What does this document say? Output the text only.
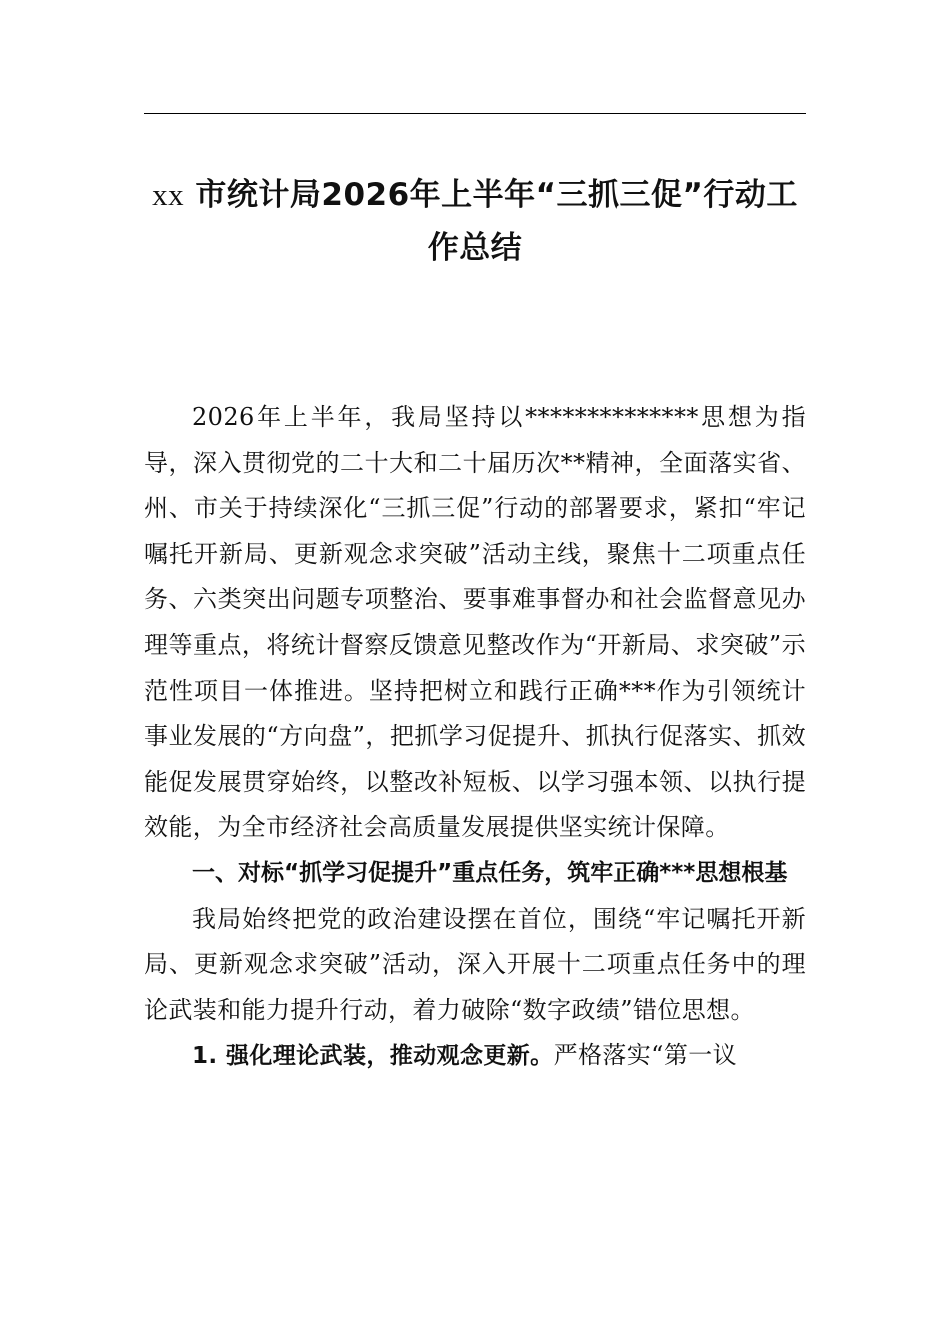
xx 市统计局2026年上半年“三抓三促”行动工作总结

2026年上半年，我局坚持以**************思想为指导，深入贯彻党的二十大和二十届历次**精神，全面落实省、州、市关于持续深化“三抓三促”行动的部署要求，紧扣“牢记嘱托开新局、更新观念求突破”活动主线，聚焦十二项重点任务、六类突出问题专项整治、要事难事督办和社会监督意见办理等重点，将统计督察反馈意见整改作为“开新局、求突破”示范性项目一体推进。坚持把树立和践行正确***作为引领统计事业发展的“方向盘”，把抓学习促提升、抓执行促落实、抓效能促发展贯穿始终，以整改补短板、以学习强本领、以执行提效能，为全市经济社会高质量发展提供坚实统计保障。

一、对标“抓学习促提升”重点任务，筑牢正确***思想根基

我局始终把党的政治建设摆在首位，围绕“牢记嘱托开新局、更新观念求突破”活动，深入开展十二项重点任务中的理论武装和能力提升行动，着力破除“数字政绩”错位思想。

1. 强化理论武装，推动观念更新。严格落实“第一议
